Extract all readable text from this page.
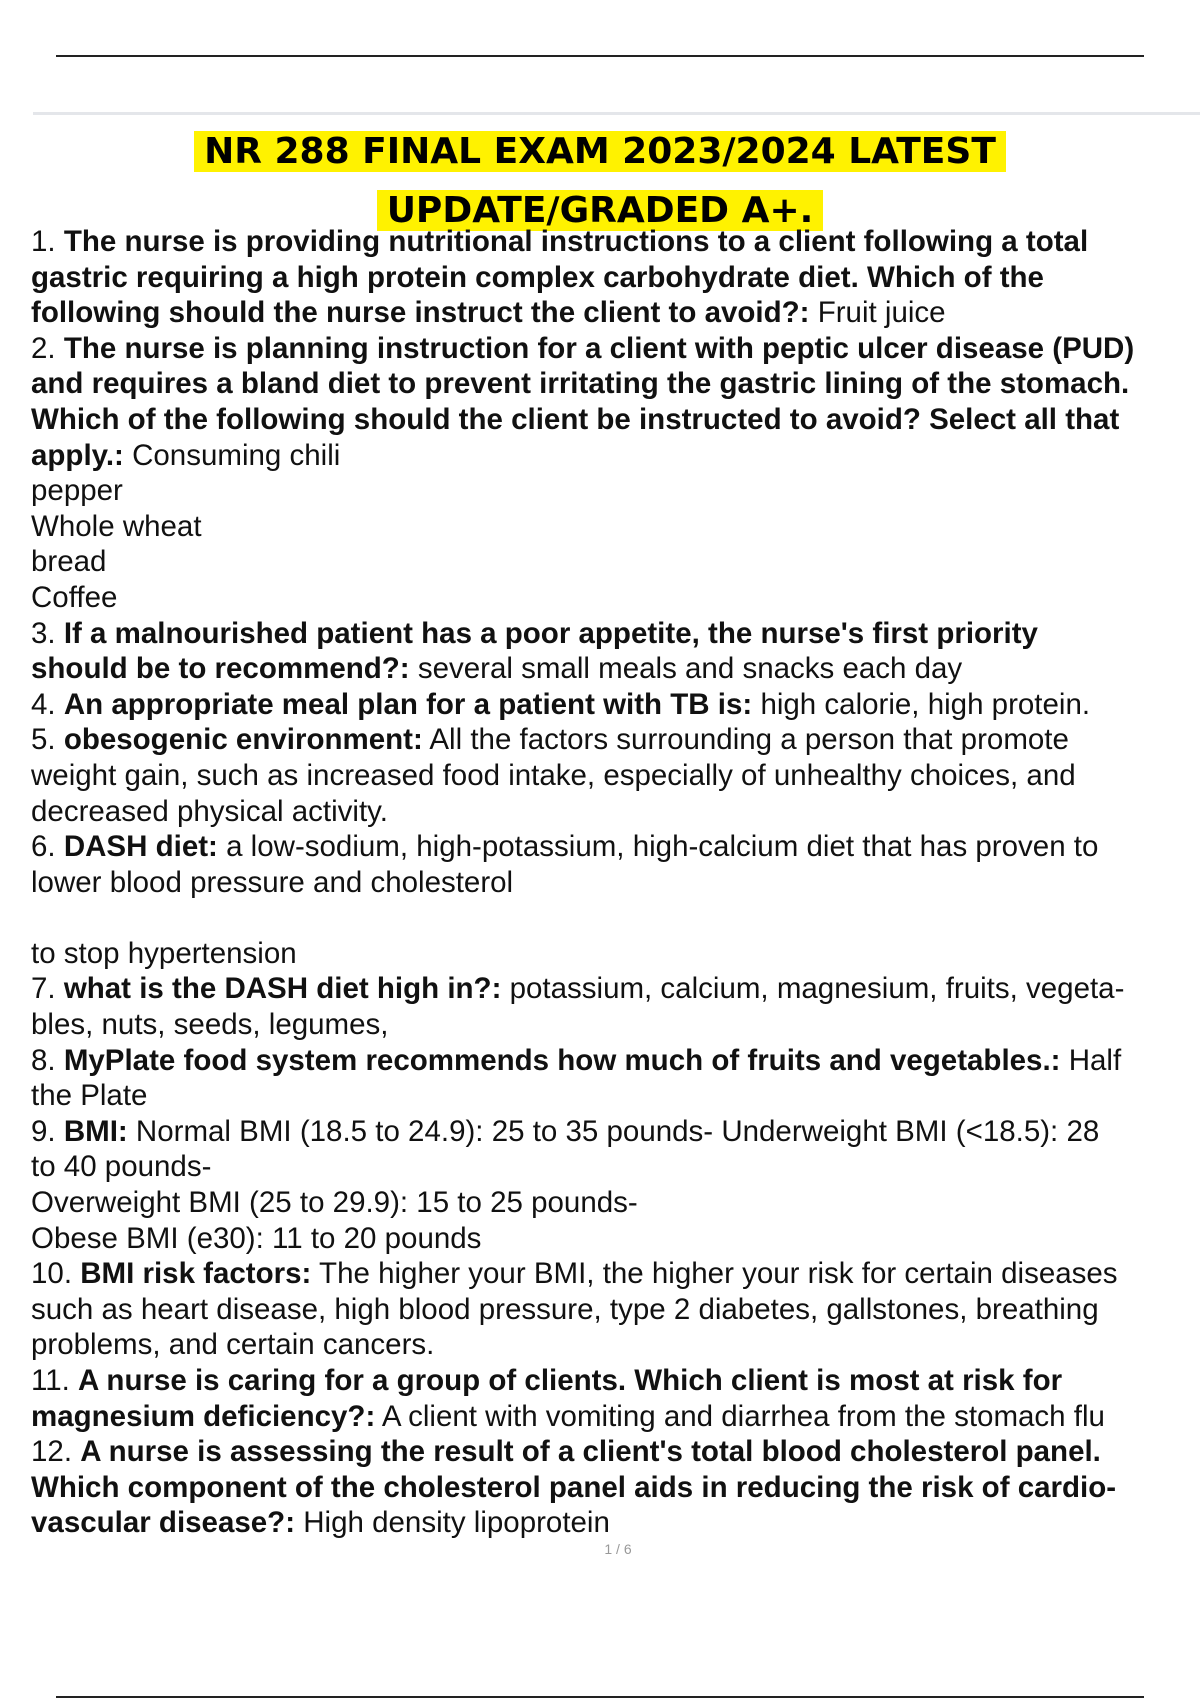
NR 288 FINAL EXAM 2023/2024 LATEST
UPDATE/GRADED A+.
1. The nurse is providing nutritional instructions to a client following a total
gastric requiring a high protein complex carbohydrate diet. Which of the
following should the nurse instruct the client to avoid?: Fruit juice
2. The nurse is planning instruction for a client with peptic ulcer disease (PUD)
and requires a bland diet to prevent irritating the gastric lining of the stomach.
Which of the following should the client be instructed to avoid? Select all that
apply.: Consuming chili
pepper
Whole wheat
bread
Coffee
3. If a malnourished patient has a poor appetite, the nurse's first priority
should be to recommend?: several small meals and snacks each day
4. An appropriate meal plan for a patient with TB is: high calorie, high protein.
5. obesogenic environment: All the factors surrounding a person that promote
weight gain, such as increased food intake, especially of unhealthy choices, and
decreased physical activity.
6. DASH diet: a low-sodium, high-potassium, high-calcium diet that has proven to
lower blood pressure and cholesterol
to stop hypertension
7. what is the DASH diet high in?: potassium, calcium, magnesium, fruits, vegeta-
bles, nuts, seeds, legumes,
8. MyPlate food system recommends how much of fruits and vegetables.: Half
the Plate
9. BMI: Normal BMI (18.5 to 24.9): 25 to 35 pounds- Underweight BMI (<18.5): 28
to 40 pounds-
Overweight BMI (25 to 29.9): 15 to 25 pounds-
Obese BMI (e30): 11 to 20 pounds
10. BMI risk factors: The higher your BMI, the higher your risk for certain diseases
such as heart disease, high blood pressure, type 2 diabetes, gallstones, breathing
problems, and certain cancers.
11. A nurse is caring for a group of clients. Which client is most at risk for
magnesium deficiency?: A client with vomiting and diarrhea from the stomach flu
12. A nurse is assessing the result of a client's total blood cholesterol panel.
Which component of the cholesterol panel aids in reducing the risk of cardio-
vascular disease?: High density lipoprotein
1 / 6
